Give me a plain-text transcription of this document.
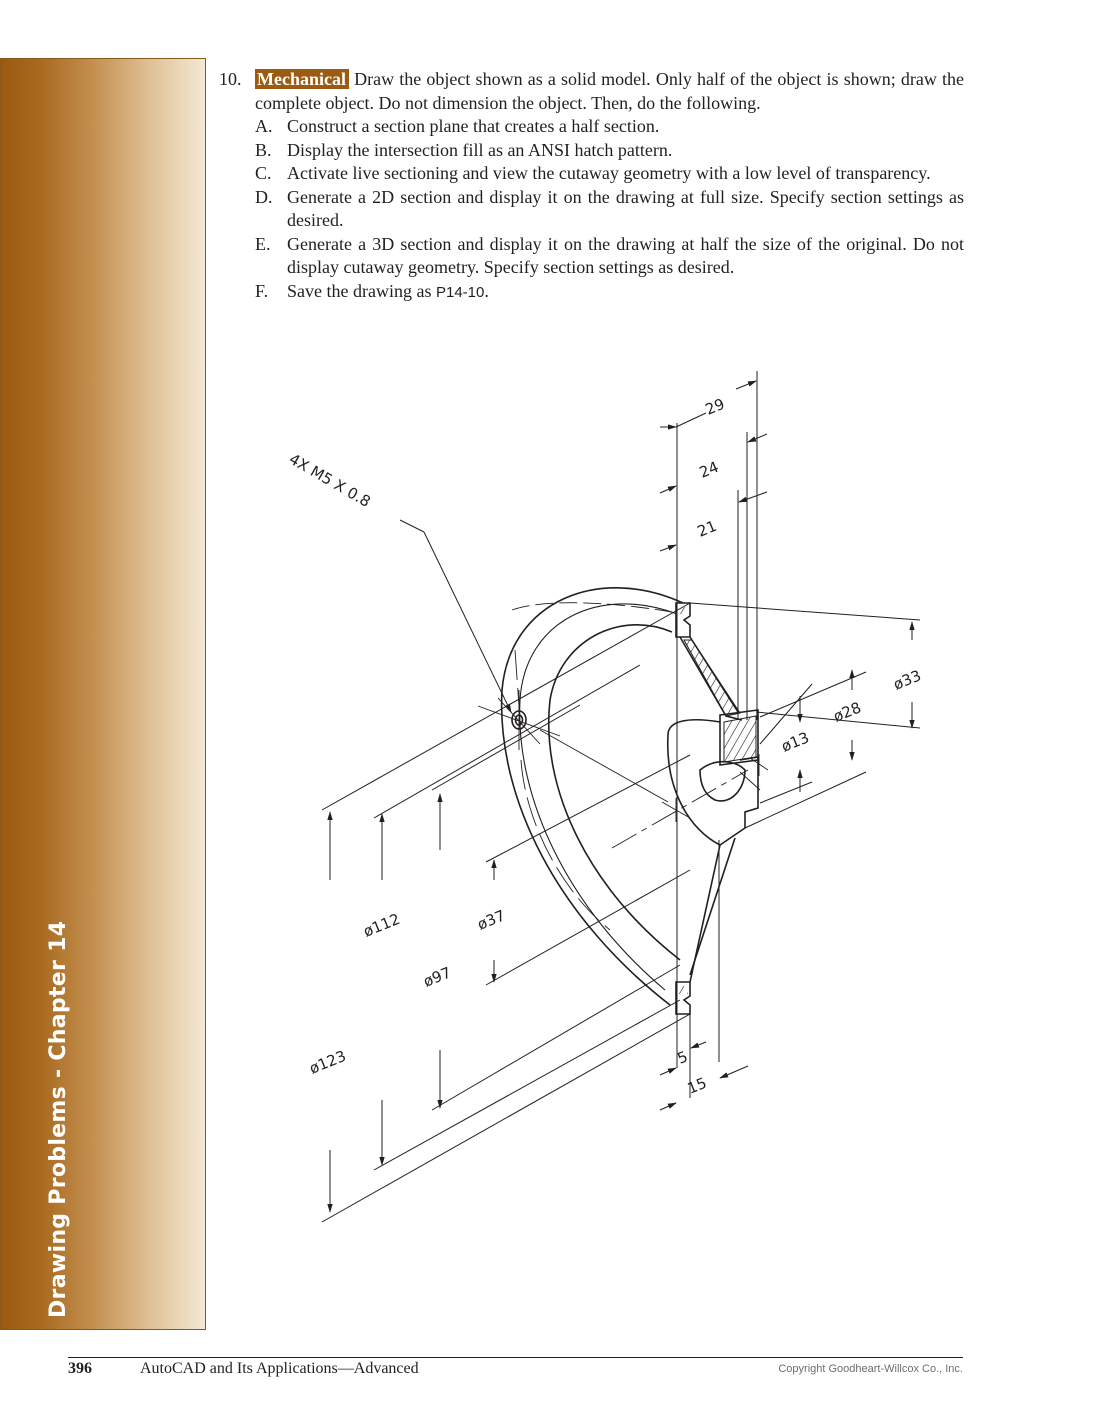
Drawing Problems - Chapter 14
10. Mechanical Draw the object shown as a solid model. Only half of the object is shown; draw the complete object. Do not dimension the object. Then, do the following.
A. Construct a section plane that creates a half section.
B. Display the intersection fill as an ANSI hatch pattern.
C. Activate live sectioning and view the cutaway geometry with a low level of transparency.
D. Generate a 2D section and display it on the drawing at full size. Specify section settings as desired.
E. Generate a 3D section and display it on the drawing at half the size of the original. Do not display cutaway geometry. Specify section settings as desired.
F. Save the drawing as P14-10.
29
24
21
4X M5 X 0.8
ø33
ø28
ø13
ø112	ø37
ø97
ø123	5
15
396	AutoCAD and Its Applications—Advanced	Copyright Goodheart-Willcox Co., Inc.
